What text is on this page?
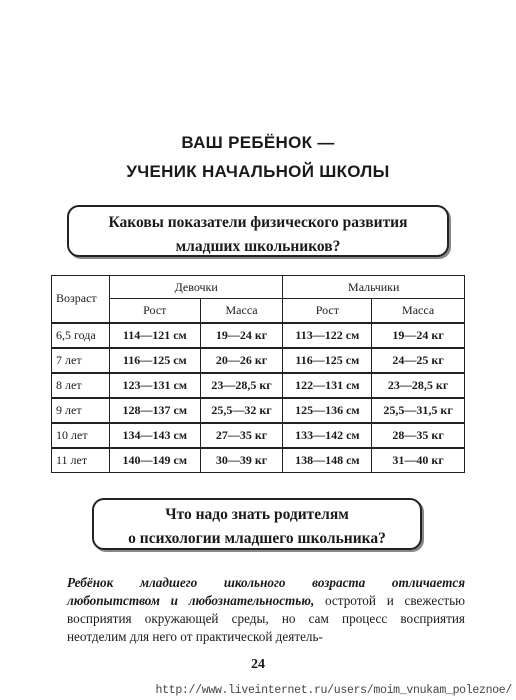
ВАШ РЕБЁНОК —
УЧЕНИК НАЧАЛЬНОЙ ШКОЛЫ
Каковы показатели физического развития
младших школьников?
Возраст	Девочки		Мальчики	
	Рост	Масса	Рост	Масса
6,5 года	114—121 см	19—24 кг	113—122 см	19—24 кг
7 лет	116—125 см	20—26 кг	116—125 см	24—25 кг
8 лет	123—131 см	23—28,5 кг	122—131 см	23—28,5 кг
9 лет	128—137 см	25,5—32 кг	125—136 см	25,5—31,5 кг
10 лет	134—143 см	27—35 кг	133—142 см	28—35 кг
11 лет	140—149 см	30—39 кг	138—148 см	31—40 кг
Что надо знать родителям
о психологии младшего школьника?
Ребёнок младшего школьного возраста отличается любопытством и любознательностью, остротой и свежестью восприятия окружающей среды, но сам процесс восприятия неотделим для него от практической деятель-
24
http://www.liveinternet.ru/users/moim_vnukam_poleznoe/
